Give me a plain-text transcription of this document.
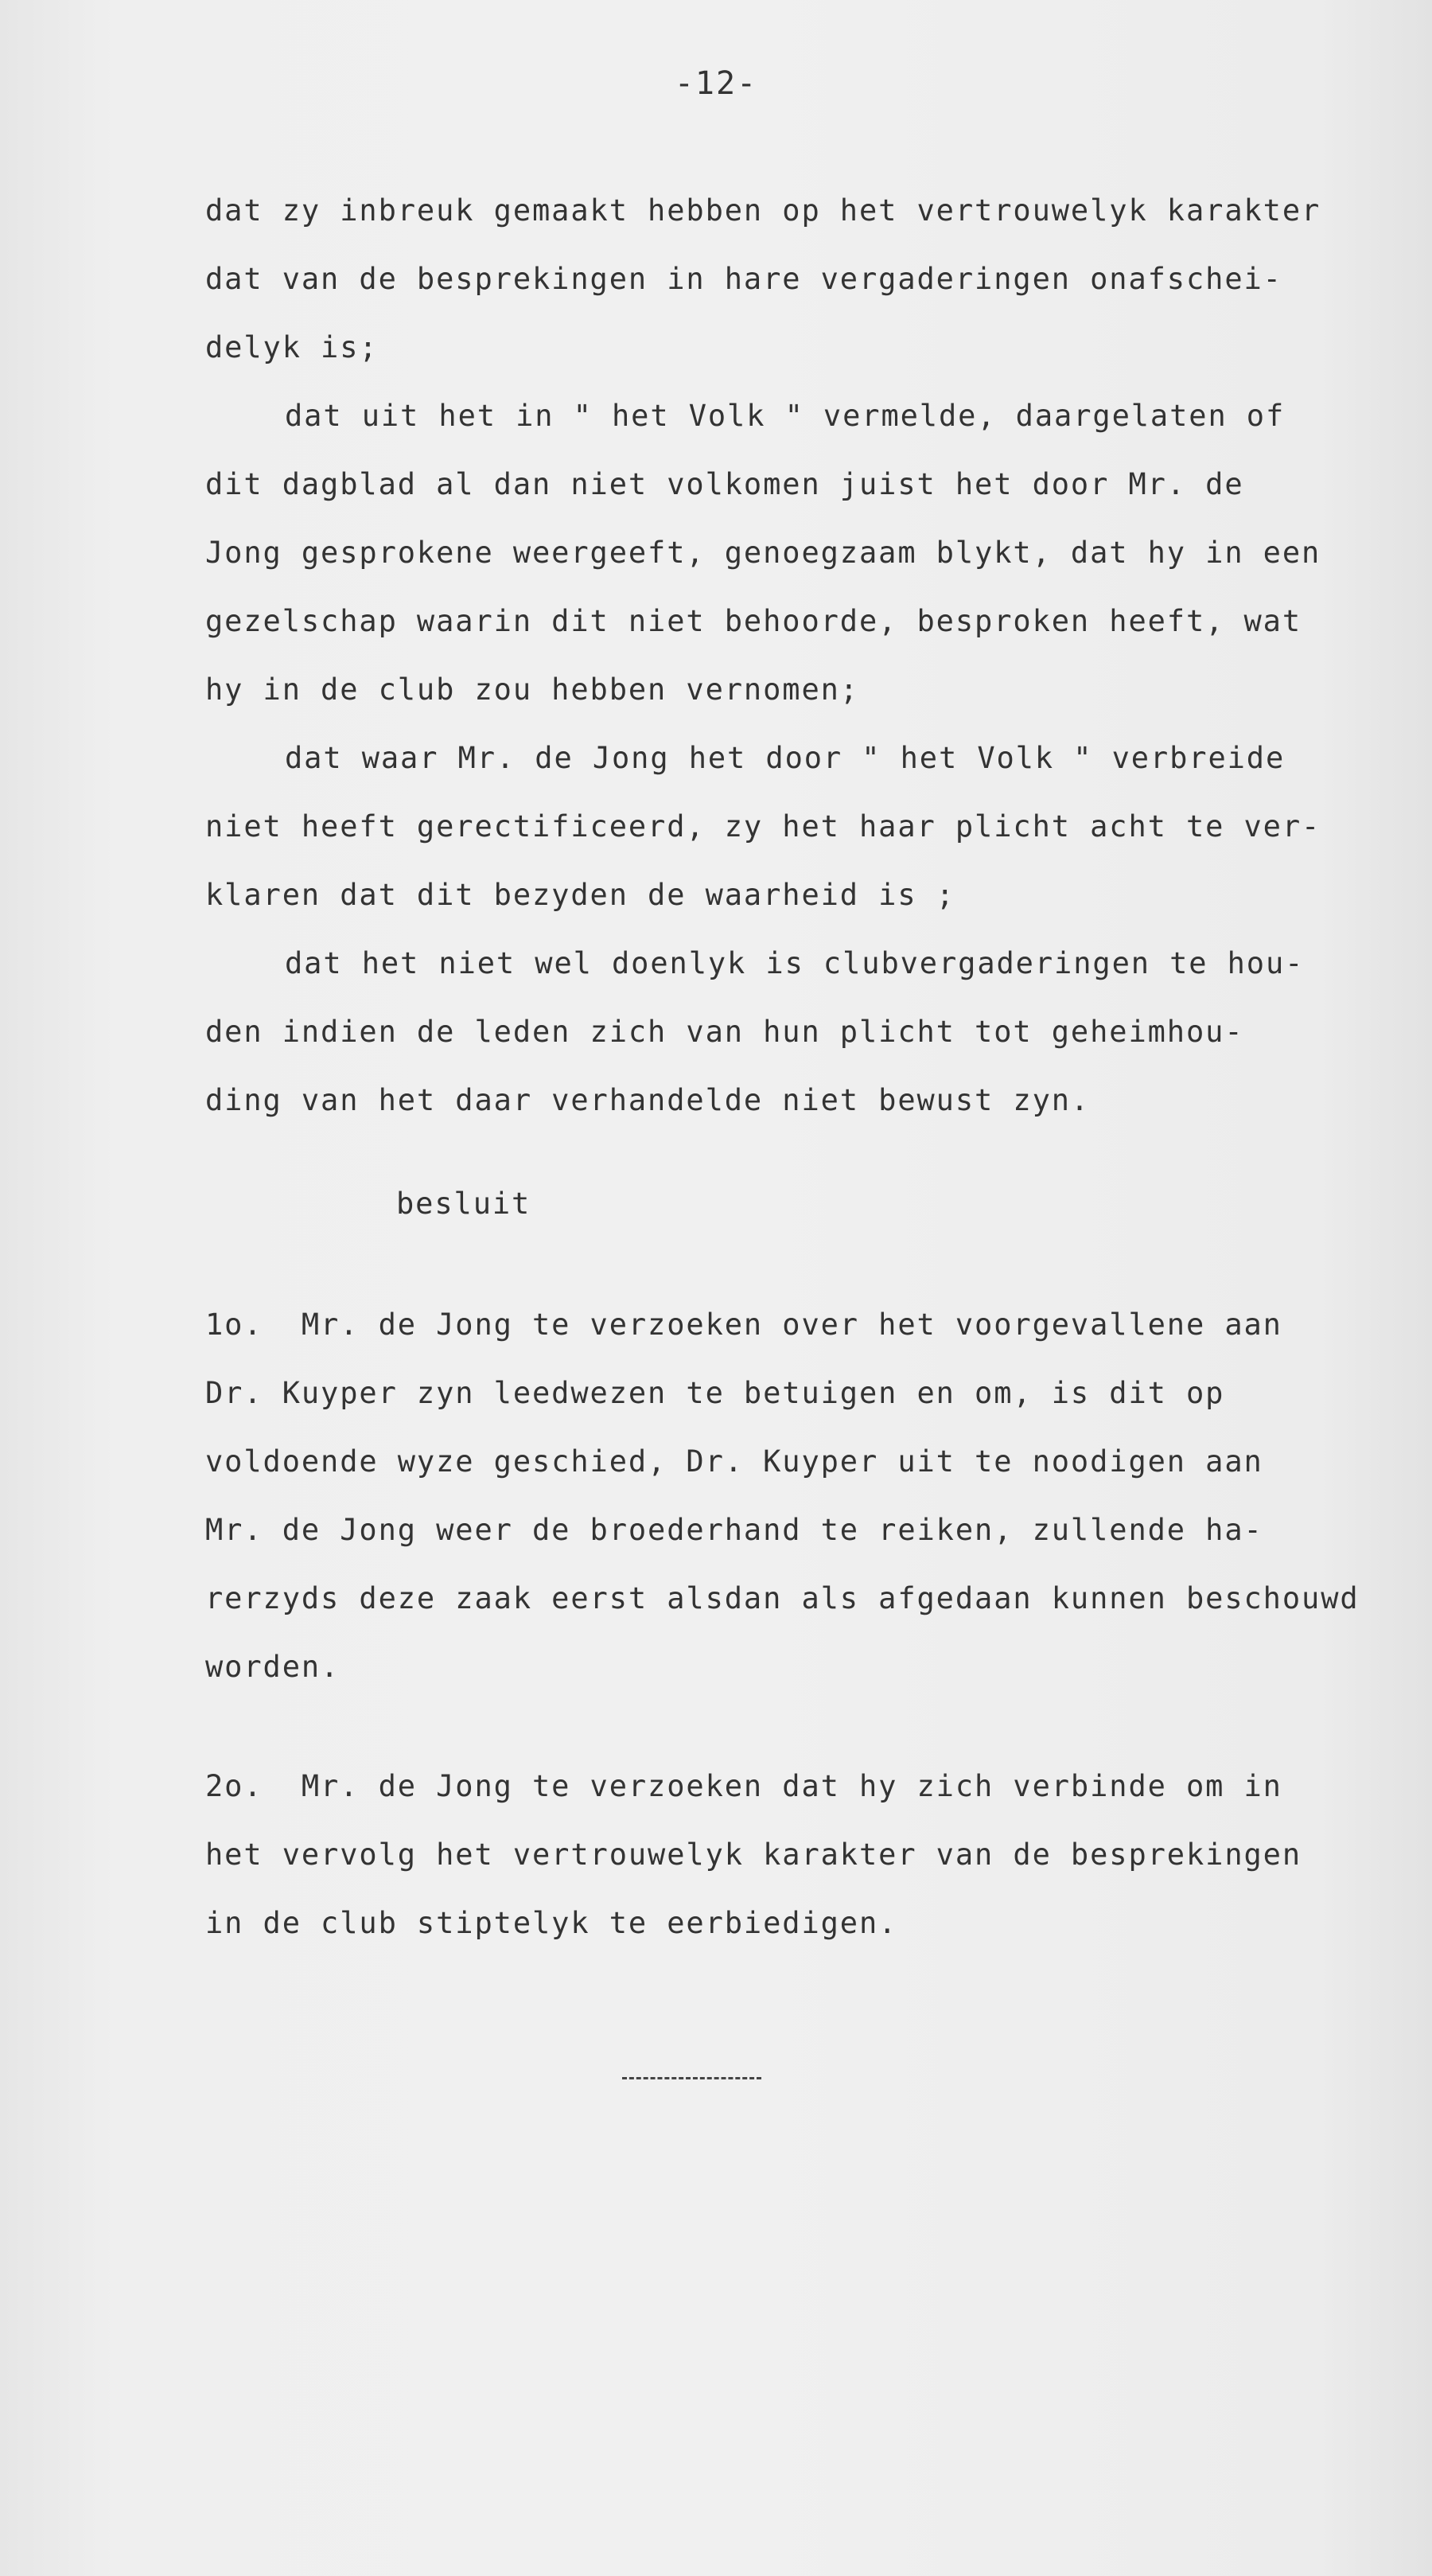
-12-
dat zy inbreuk gemaakt hebben op het vertrouwelyk karakter
dat van de besprekingen in hare vergaderingen onafschei-
delyk is;
dat uit het in " het Volk " vermelde, daargelaten of
dit dagblad al dan niet volkomen juist het door Mr. de
Jong gesprokene weergeeft, genoegzaam blykt, dat hy in een
gezelschap waarin dit niet behoorde, besproken heeft, wat
hy in de club zou hebben vernomen;
dat waar Mr. de Jong het door " het Volk " verbreide
niet heeft gerectificeerd, zy het haar plicht acht te ver-
klaren dat dit bezyden de waarheid is ;
dat het niet wel doenlyk is clubvergaderingen te hou-
den indien de leden zich van hun plicht tot geheimhou-
ding van het daar verhandelde niet bewust zyn.
besluit
1o.  Mr. de Jong te verzoeken over het voorgevallene aan
Dr. Kuyper zyn leedwezen te betuigen en om, is dit op
voldoende wyze geschied, Dr. Kuyper uit te noodigen aan
Mr. de Jong weer de broederhand te reiken, zullende ha-
rerzyds deze zaak eerst alsdan als afgedaan kunnen beschouwd
worden.
2o.  Mr. de Jong te verzoeken dat hy zich verbinde om in
het vervolg het vertrouwelyk karakter van de besprekingen
in de club stiptelyk te eerbiedigen.
